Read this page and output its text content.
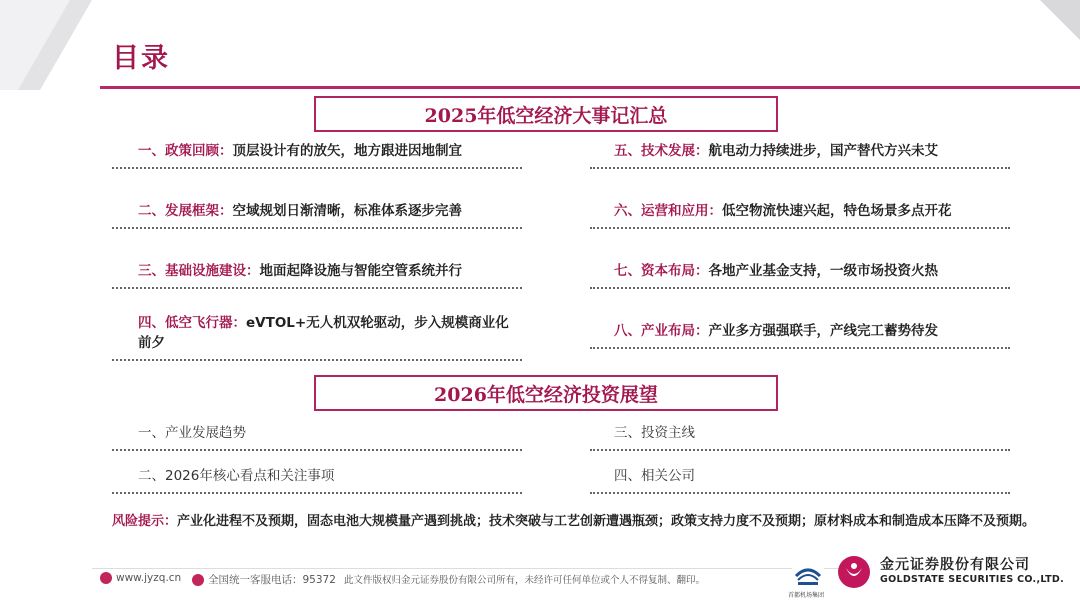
目录
2025年低空经济大事记汇总
一、政策回顾：顶层设计有的放矢，地方跟进因地制宜
二、发展框架：空域规划日渐清晰，标准体系逐步完善
三、基础设施建设：地面起降设施与智能空管系统并行
四、低空飞行器：eVTOL+无人机双轮驱动，步入规模商业化前夕
五、技术发展：航电动力持续进步，国产替代方兴未艾
六、运营和应用：低空物流快速兴起，特色场景多点开花
七、资本布局：各地产业基金支持，一级市场投资火热
八、产业布局：产业多方强强联手，产线完工蓄势待发
2026年低空经济投资展望
一、产业发展趋势
二、2026年核心看点和关注事项
三、投资主线
四、相关公司
风险提示：产业化进程不及预期，固态电池大规模量产遇到挑战；技术突破与工艺创新遭遇瓶颈；政策支持力度不及预期；原材料成本和制造成本压降不及预期。
www.jyzq.cn	全国统一客服电话：95372 此文件版权归金元证券股份有限公司所有，未经许可任何单位或个人不得复制、翻印。
首都机场集团
金元证券股份有限公司
GOLDSTATE SECURITIES CO.,LTD.
